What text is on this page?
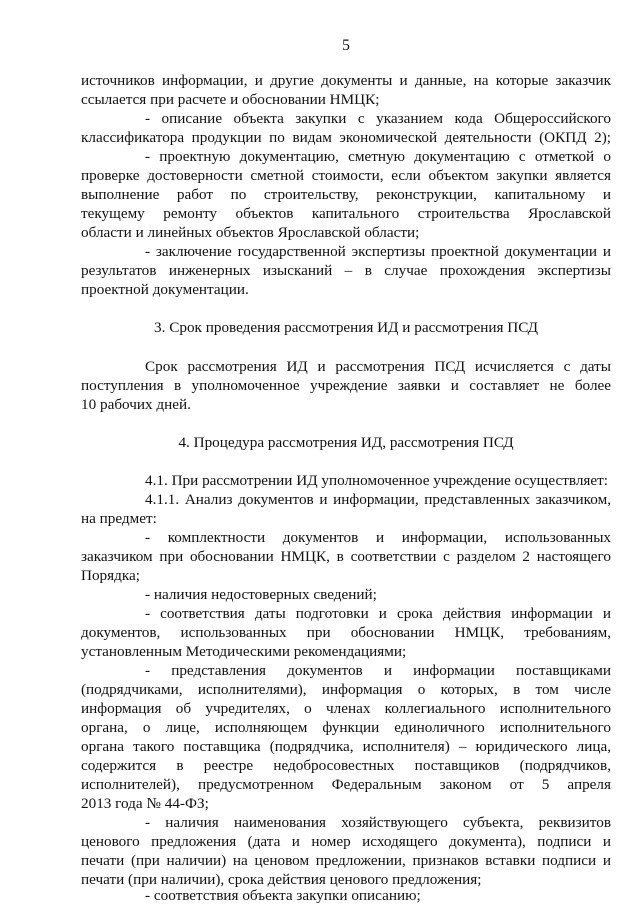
5
источников информации, и другие документы и данные, на которые заказчик
ссылается при расчете и обосновании НМЦК;
- описание объекта закупки с указанием кода Общероссийского
классификатора продукции по видам экономической деятельности (ОКПД 2);
- проектную документацию, сметную документацию с отметкой о
проверке достоверности сметной стоимости, если объектом закупки является
выполнение работ по строительству, реконструкции, капитальному и
текущему ремонту объектов капитального строительства Ярославской
области и линейных объектов Ярославской области;
- заключение государственной экспертизы проектной документации и
результатов инженерных изысканий – в случае прохождения экспертизы
проектной документации.
3. Срок проведения рассмотрения ИД и рассмотрения ПСД
Срок рассмотрения ИД и рассмотрения ПСД исчисляется с даты
поступления в уполномоченное учреждение заявки и составляет не более
10 рабочих дней.
4. Процедура рассмотрения ИД, рассмотрения ПСД
4.1. При рассмотрении ИД уполномоченное учреждение осуществляет:
4.1.1. Анализ документов и информации, представленных заказчиком,
на предмет:
- комплектности документов и информации, использованных
заказчиком при обосновании НМЦК, в соответствии с разделом 2 настоящего
Порядка;
- наличия недостоверных сведений;
- соответствия даты подготовки и срока действия информации и
документов, использованных при обосновании НМЦК, требованиям,
установленным Методическими рекомендациями;
- представления документов и информации поставщиками
(подрядчиками, исполнителями), информация о которых, в том числе
информация об учредителях, о членах коллегиального исполнительного
органа, о лице, исполняющем функции единоличного исполнительного
органа такого поставщика (подрядчика, исполнителя) – юридического лица,
содержится в реестре недобросовестных поставщиков (подрядчиков,
исполнителей), предусмотренном Федеральным законом от 5 апреля
2013 года № 44-ФЗ;
- наличия наименования хозяйствующего субъекта, реквизитов
ценового предложения (дата и номер исходящего документа), подписи и
печати (при наличии) на ценовом предложении, признаков вставки подписи и
печати (при наличии), срока действия ценового предложения;
- соответствия объекта закупки описанию;
